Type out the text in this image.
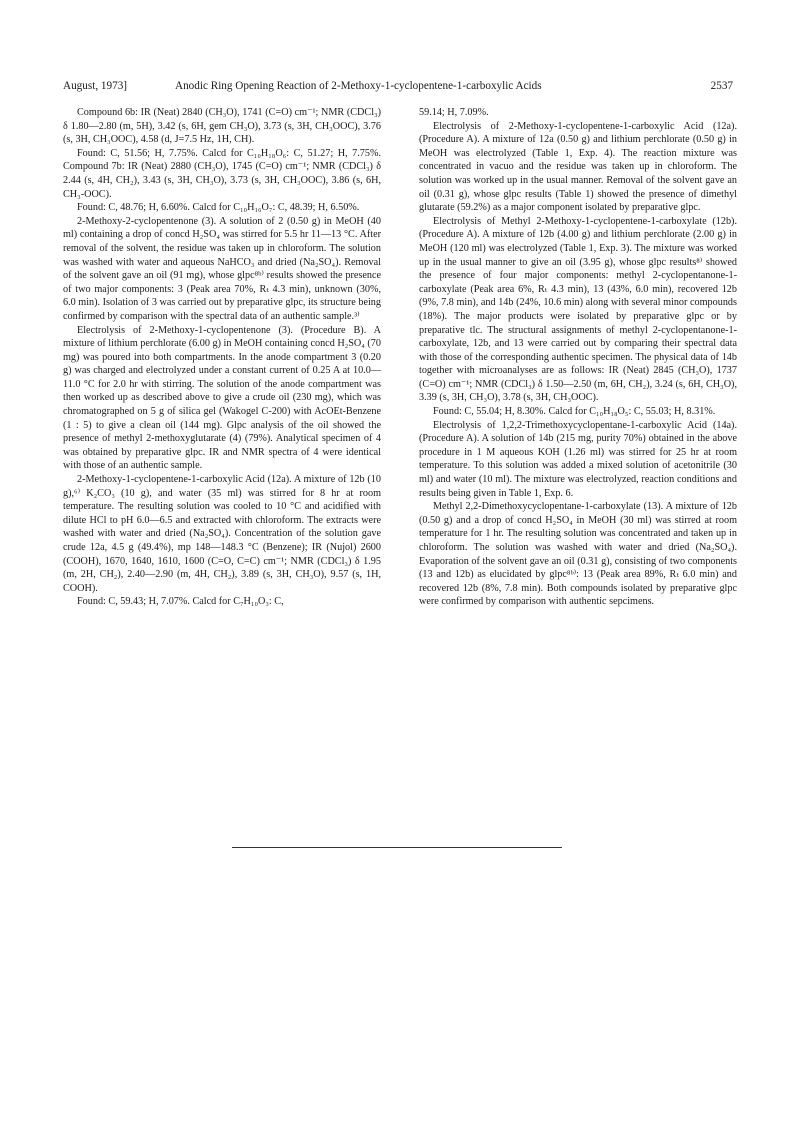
August, 1973]	Anodic Ring Opening Reaction of 2-Methoxy-1-cyclopentene-1-carboxylic Acids	2537

Compound 6b: IR (Neat) 2840 (CH₃O), 1741 (C=O) cm⁻¹; NMR (CDCl₃) δ 1.80—2.80 (m, 5H), 3.42 (s, 6H, gem CH₃O), 3.73 (s, 3H, CH₃OOC), 3.76 (s, 3H, CH₃OOC), 4.58 (d, J=7.5 Hz, 1H, CH).

Found: C, 51.56; H, 7.75%. Calcd for C₁₀H₁₈O₆: C, 51.27; H, 7.75%. Compound 7b: IR (Neat) 2880 (CH₃O), 1745 (C=O) cm⁻¹; NMR (CDCl₃) δ 2.44 (s, 4H, CH₂), 3.43 (s, 3H, CH₃O), 3.73 (s, 3H, CH₃OOC), 3.86 (s, 6H, CH₃-OOC).

Found: C, 48.76; H, 6.60%. Calcd for C₁₀H₁₆O₇: C, 48.39; H, 6.50%.

2-Methoxy-2-cyclopentenone (3). A solution of 2 (0.50 g) in MeOH (40 ml) containing a drop of concd H₂SO₄ was stirred for 5.5 hr 11—13 °C. After removal of the solvent, the residue was taken up in chloroform. The solution was washed with water and aqueous NaHCO₃ and dried (Na₂SO₄). Removal of the solvent gave an oil (91 mg), whose glpc⁸ᵇ⁾ results showed the presence of two major components: 3 (Peak area 70%, Rₜ 4.3 min), unknown (30%, 6.0 min). Isolation of 3 was carried out by preparative glpc, its structure being confirmed by comparison with the spectral data of an authentic sample.³⁾

Electrolysis of 2-Methoxy-1-cyclopentenone (3). (Procedure B). A mixture of lithium perchlorate (6.00 g) in MeOH containing concd H₂SO₄ (70 mg) was poured into both compartments. In the anode compartment 3 (0.20 g) was charged and electrolyzed under a constant current of 0.25 A at 10.0—11.0 °C for 2.0 hr with stirring. The solution of the anode compartment was then worked up as described above to give a crude oil (230 mg), which was chromatographed on 5 g of silica gel (Wakogel C-200) with AcOEt-Benzene (1 : 5) to give a clean oil (144 mg). Glpc analysis of the oil showed the presence of methyl 2-methoxyglutarate (4) (79%). Analytical specimen of 4 was obtained by preparative glpc. IR and NMR spectra of 4 were identical with those of an authentic sample.

2-Methoxy-1-cyclopentene-1-carboxylic Acid (12a). A mixture of 12b (10 g),⁶⁾ K₂CO₃ (10 g), and water (35 ml) was stirred for 8 hr at room temperature. The resulting solution was cooled to 10 °C and acidified with dilute HCl to pH 6.0—6.5 and extracted with chloroform. The extracts were washed with water and dried (Na₂SO₄). Concentration of the solution gave crude 12a, 4.5 g (49.4%), mp 148—148.3 °C (Benzene); IR (Nujol) 2600 (COOH), 1670, 1640, 1610, 1600 (C=O, C=C) cm⁻¹; NMR (CDCl₃) δ 1.95 (m, 2H, CH₂), 2.40—2.90 (m, 4H, CH₂), 3.89 (s, 3H, CH₃O), 9.57 (s, 1H, COOH).

Found: C, 59.43; H, 7.07%. Calcd for C₇H₁₀O₃: C,

59.14; H, 7.09%.

Electrolysis of 2-Methoxy-1-cyclopentene-1-carboxylic Acid (12a). (Procedure A). A mixture of 12a (0.50 g) and lithium perchlorate (0.50 g) in MeOH was electrolyzed (Table 1, Exp. 4). The reaction mixture was concentrated in vacuo and the residue was taken up in chloroform. The solution was worked up in the usual manner. Removal of the solvent gave an oil (0.31 g), whose glpc results (Table 1) showed the presence of dimethyl glutarate (59.2%) as a major component isolated by preparative glpc.

Electrolysis of Methyl 2-Methoxy-1-cyclopentene-1-carboxylate (12b). (Procedure A). A mixture of 12b (4.00 g) and lithium perchlorate (2.00 g) in MeOH (120 ml) was electrolyzed (Table 1, Exp. 3). The mixture was worked up in the usual manner to give an oil (3.95 g), whose glpc results⁸⁾ showed the presence of four major components: methyl 2-cyclopentanone-1-carboxylate (Peak area 6%, Rₜ 4.3 min), 13 (43%, 6.0 min), recovered 12b (9%, 7.8 min), and 14b (24%, 10.6 min) along with several minor compounds (18%). The major products were isolated by preparative glpc or by preparative tlc. The structural assignments of methyl 2-cyclopentanone-1-carboxylate, 12b, and 13 were carried out by comparing their spectral data with those of the corresponding authentic specimen. The physical data of 14b together with microanalyses are as follows: IR (Neat) 2845 (CH₃O), 1737 (C=O) cm⁻¹; NMR (CDCl₃) δ 1.50—2.50 (m, 6H, CH₂), 3.24 (s, 6H, CH₃O), 3.39 (s, 3H, CH₃O), 3.78 (s, 3H, CH₃OOC).

Found: C, 55.04; H, 8.30%. Calcd for C₁₀H₁₈O₅: C, 55.03; H, 8.31%.

Electrolysis of 1,2,2-Trimethoxycyclopentane-1-carboxylic Acid (14a). (Procedure A). A solution of 14b (215 mg, purity 70%) obtained in the above procedure in 1 M aqueous KOH (1.26 ml) was stirred for 25 hr at room temperature. To this solution was added a mixed solution of acetonitrile (30 ml) and water (10 ml). The mixture was electrolyzed, reaction conditions and results being given in Table 1, Exp. 6.

Methyl 2,2-Dimethoxycyclopentane-1-carboxylate (13). A mixture of 12b (0.50 g) and a drop of concd H₂SO₄ in MeOH (30 ml) was stirred at room temperature for 1 hr. The resulting solution was concentrated and taken up in chloroform. The solution was washed with water and dried (Na₂SO₄). Evaporation of the solvent gave an oil (0.31 g), consisting of two components (13 and 12b) as elucidated by glpc⁸ᵇ⁾: 13 (Peak area 89%, Rₜ 6.0 min) and recovered 12b (8%, 7.8 min). Both compounds isolated by preparative glpc were confirmed by comparison with authentic sepcimens.
